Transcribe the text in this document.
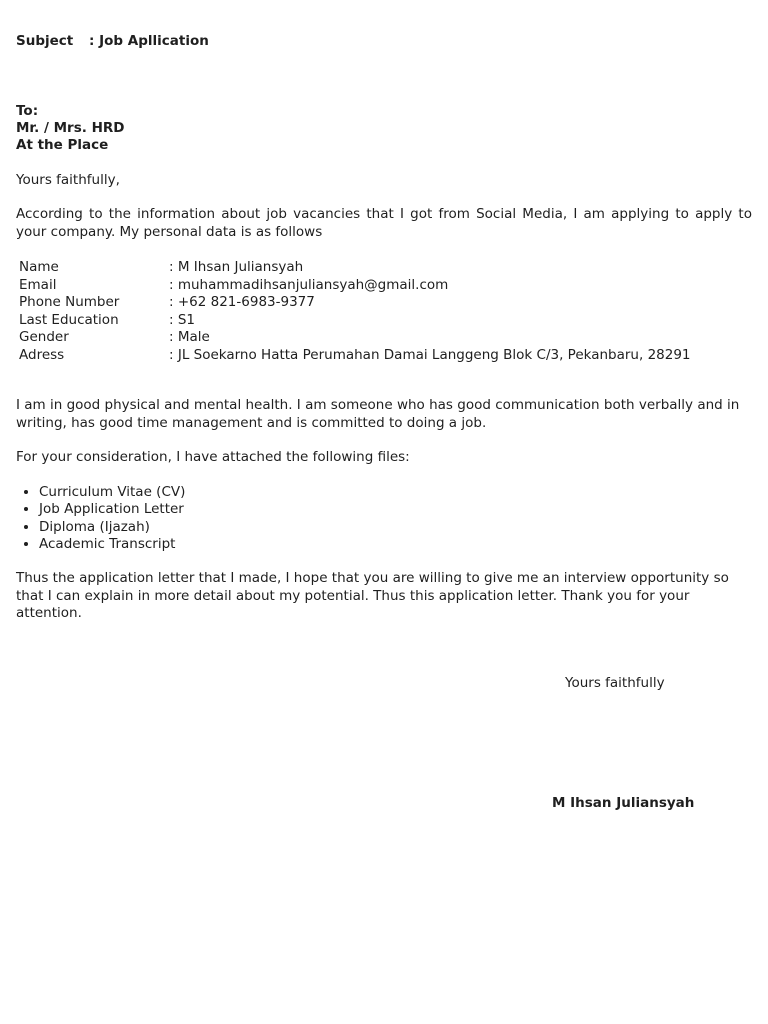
Subject : Job Apllication
To:
Mr. / Mrs. HRD
At the Place
Yours faithfully,
According to the information about job vacancies that I got from Social Media, I am applying to apply to your company. My personal data is as follows
Name	: M Ihsan Juliansyah
Email	: muhammadihsanjuliansyah@gmail.com
Phone Number	: +62 821-6983-9377
Last Education	: S1
Gender	: Male
Adress	: JL Soekarno Hatta Perumahan Damai Langgeng Blok C/3, Pekanbaru, 28291
I am in good physical and mental health. I am someone who has good communication both verbally and in writing, has good time management and is committed to doing a job.
For your consideration, I have attached the following files:
• Curriculum Vitae (CV)
• Job Application Letter
• Diploma (Ijazah)
• Academic Transcript
Thus the application letter that I made, I hope that you are willing to give me an interview opportunity so that I can explain in more detail about my potential. Thus this application letter. Thank you for your attention.
Yours faithfully
M Ihsan Juliansyah
